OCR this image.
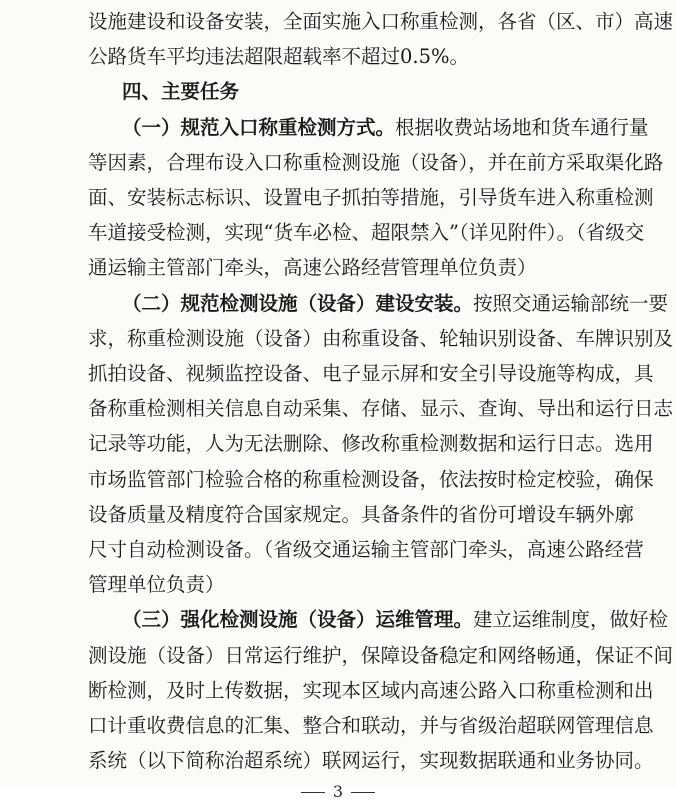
设施建设和设备安装，全面实施入口称重检测，各省（区、市）高速
公路货车平均违法超限超载率不超过0.5%。
四、主要任务
（一）规范入口称重检测方式。根据收费站场地和货车通行量
等因素，合理布设入口称重检测设施（设备），并在前方采取渠化路
面、安装标志标识、设置电子抓拍等措施，引导货车进入称重检测
车道接受检测，实现“货车必检、超限禁入”（详见附件）。（省级交
通运输主管部门牵头，高速公路经营管理单位负责）
（二）规范检测设施（设备）建设安装。按照交通运输部统一要
求，称重检测设施（设备）由称重设备、轮轴识别设备、车牌识别及
抓拍设备、视频监控设备、电子显示屏和安全引导设施等构成，具
备称重检测相关信息自动采集、存储、显示、查询、导出和运行日志
记录等功能，人为无法删除、修改称重检测数据和运行日志。选用
市场监管部门检验合格的称重检测设备，依法按时检定校验，确保
设备质量及精度符合国家规定。具备条件的省份可增设车辆外廓
尺寸自动检测设备。（省级交通运输主管部门牵头，高速公路经营
管理单位负责）
（三）强化检测设施（设备）运维管理。建立运维制度，做好检
测设施（设备）日常运行维护，保障设备稳定和网络畅通，保证不间
断检测，及时上传数据，实现本区域内高速公路入口称重检测和出
口计重收费信息的汇集、整合和联动，并与省级治超联网管理信息
系统（以下简称治超系统）联网运行，实现数据联通和业务协同。
3
